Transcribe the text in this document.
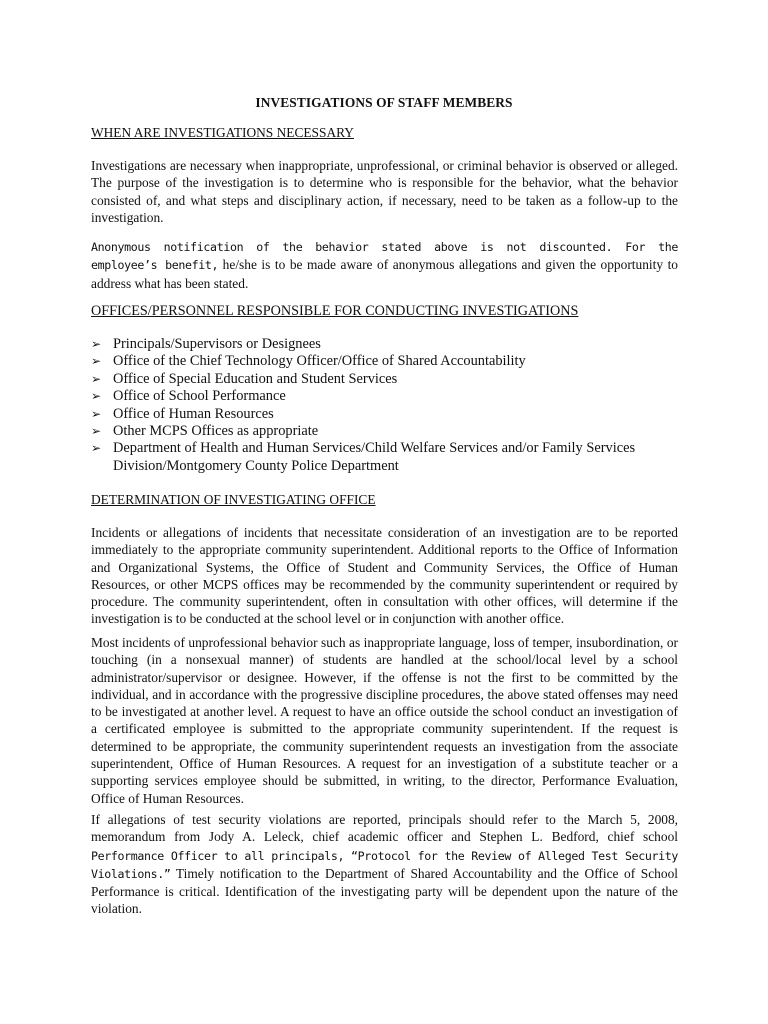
INVESTIGATIONS OF STAFF MEMBERS
WHEN ARE INVESTIGATIONS NECESSARY

Investigations are necessary when inappropriate, unprofessional, or criminal behavior is observed or alleged. The purpose of the investigation is to determine who is responsible for the behavior, what the behavior consisted of, and what steps and disciplinary action, if necessary, need to be taken as a follow-up to the investigation.

Anonymous notification of the behavior stated above is not discounted. For the employee’s benefit, he/she is to be made aware of anonymous allegations and given the opportunity to address what has been stated.

OFFICES/PERSONNEL RESPONSIBLE FOR CONDUCTING INVESTIGATIONS
➢ Principals/Supervisors or Designees
➢ Office of the Chief Technology Officer/Office of Shared Accountability
➢ Office of Special Education and Student Services
➢ Office of School Performance
➢ Office of Human Resources
➢ Other MCPS Offices as appropriate
➢ Department of Health and Human Services/Child Welfare Services and/or Family Services Division/Montgomery County Police Department
DETERMINATION OF INVESTIGATING OFFICE

Incidents or allegations of incidents that necessitate consideration of an investigation are to be reported immediately to the appropriate community superintendent. Additional reports to the Office of Information and Organizational Systems, the Office of Student and Community Services, the Office of Human Resources, or other MCPS offices may be recommended by the community superintendent or required by procedure. The community superintendent, often in consultation with other offices, will determine if the investigation is to be conducted at the school level or in conjunction with another office.

Most incidents of unprofessional behavior such as inappropriate language, loss of temper, insubordination, or touching (in a nonsexual manner) of students are handled at the school/local level by a school administrator/supervisor or designee. However, if the offense is not the first to be committed by the individual, and in accordance with the progressive discipline procedures, the above stated offenses may need to be investigated at another level. A request to have an office outside the school conduct an investigation of a certificated employee is submitted to the appropriate community superintendent. If the request is determined to be appropriate, the community superintendent requests an investigation from the associate superintendent, Office of Human Resources. A request for an investigation of a substitute teacher or a supporting services employee should be submitted, in writing, to the director, Performance Evaluation, Office of Human Resources.

If allegations of test security violations are reported, principals should refer to the March 5, 2008, memorandum from Jody A. Leleck, chief academic officer and Stephen L. Bedford, chief school Performance Officer to all principals, “Protocol for the Review of Alleged Test Security Violations.” Timely notification to the Department of Shared Accountability and the Office of School Performance is critical. Identification of the investigating party will be dependent upon the nature of the violation.
